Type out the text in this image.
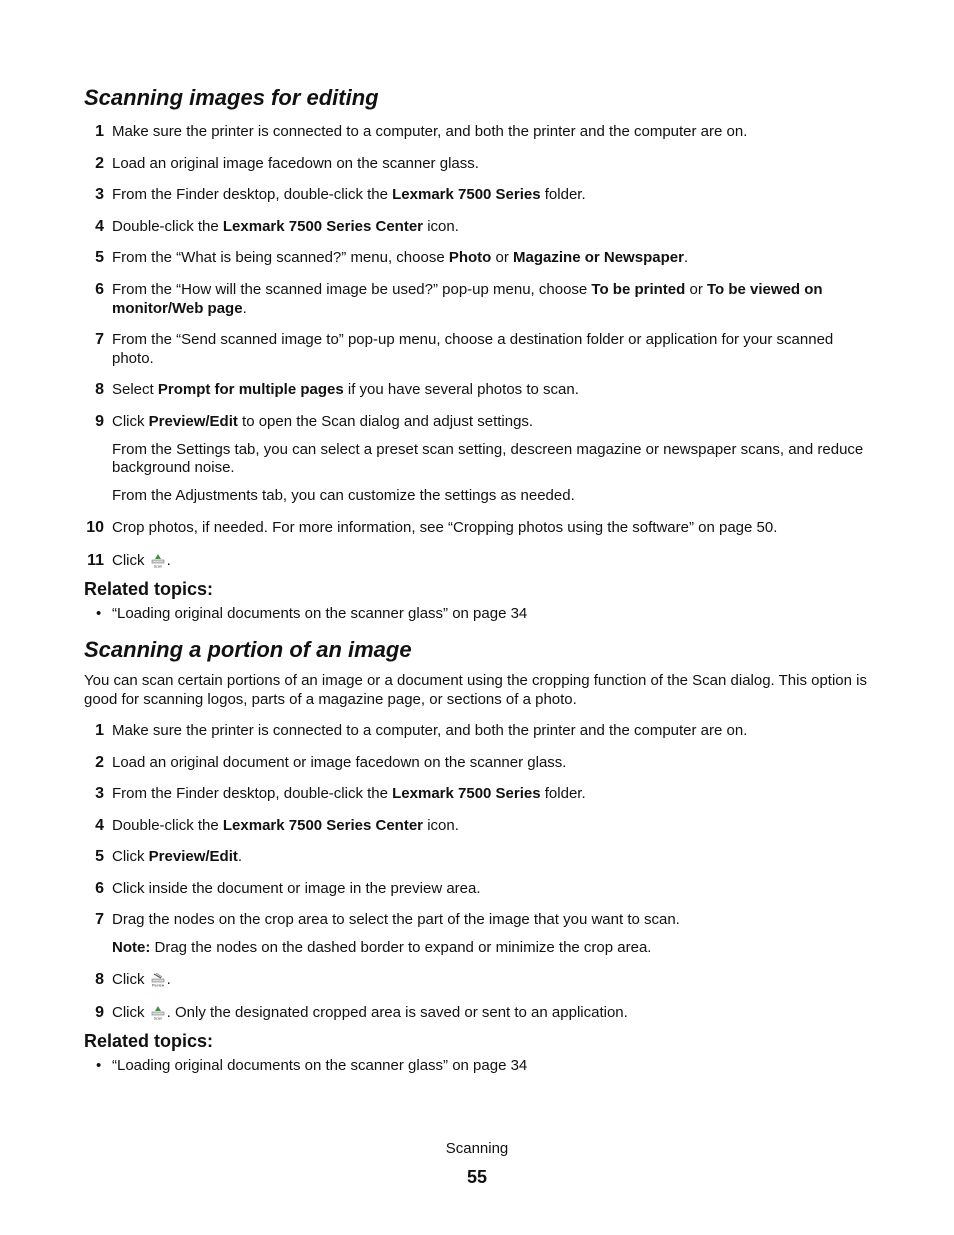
Scanning images for editing
1 Make sure the printer is connected to a computer, and both the printer and the computer are on.
2 Load an original image facedown on the scanner glass.
3 From the Finder desktop, double-click the Lexmark 7500 Series folder.
4 Double-click the Lexmark 7500 Series Center icon.
5 From the “What is being scanned?” menu, choose Photo or Magazine or Newspaper.
6 From the “How will the scanned image be used?” pop-up menu, choose To be printed or To be viewed on monitor/Web page.
7 From the “Send scanned image to” pop-up menu, choose a destination folder or application for your scanned photo.
8 Select Prompt for multiple pages if you have several photos to scan.
9 Click Preview/Edit to open the Scan dialog and adjust settings.
From the Settings tab, you can select a preset scan setting, descreen magazine or newspaper scans, and reduce background noise.
From the Adjustments tab, you can customize the settings as needed.
10 Crop photos, if needed. For more information, see “Cropping photos using the software” on page 50.
11 Click Scan .
Related topics:
• “Loading original documents on the scanner glass” on page 34
Scanning a portion of an image
You can scan certain portions of an image or a document using the cropping function of the Scan dialog. This option is good for scanning logos, parts of a magazine page, or sections of a photo.
1 Make sure the printer is connected to a computer, and both the printer and the computer are on.
2 Load an original document or image facedown on the scanner glass.
3 From the Finder desktop, double-click the Lexmark 7500 Series folder.
4 Double-click the Lexmark 7500 Series Center icon.
5 Click Preview/Edit.
6 Click inside the document or image in the preview area.
7 Drag the nodes on the crop area to select the part of the image that you want to scan.
Note: Drag the nodes on the dashed border to expand or minimize the crop area.
8 Click Preview .
9 Click Scan . Only the designated cropped area is saved or sent to an application.
Related topics:
• “Loading original documents on the scanner glass” on page 34
Scanning
55
